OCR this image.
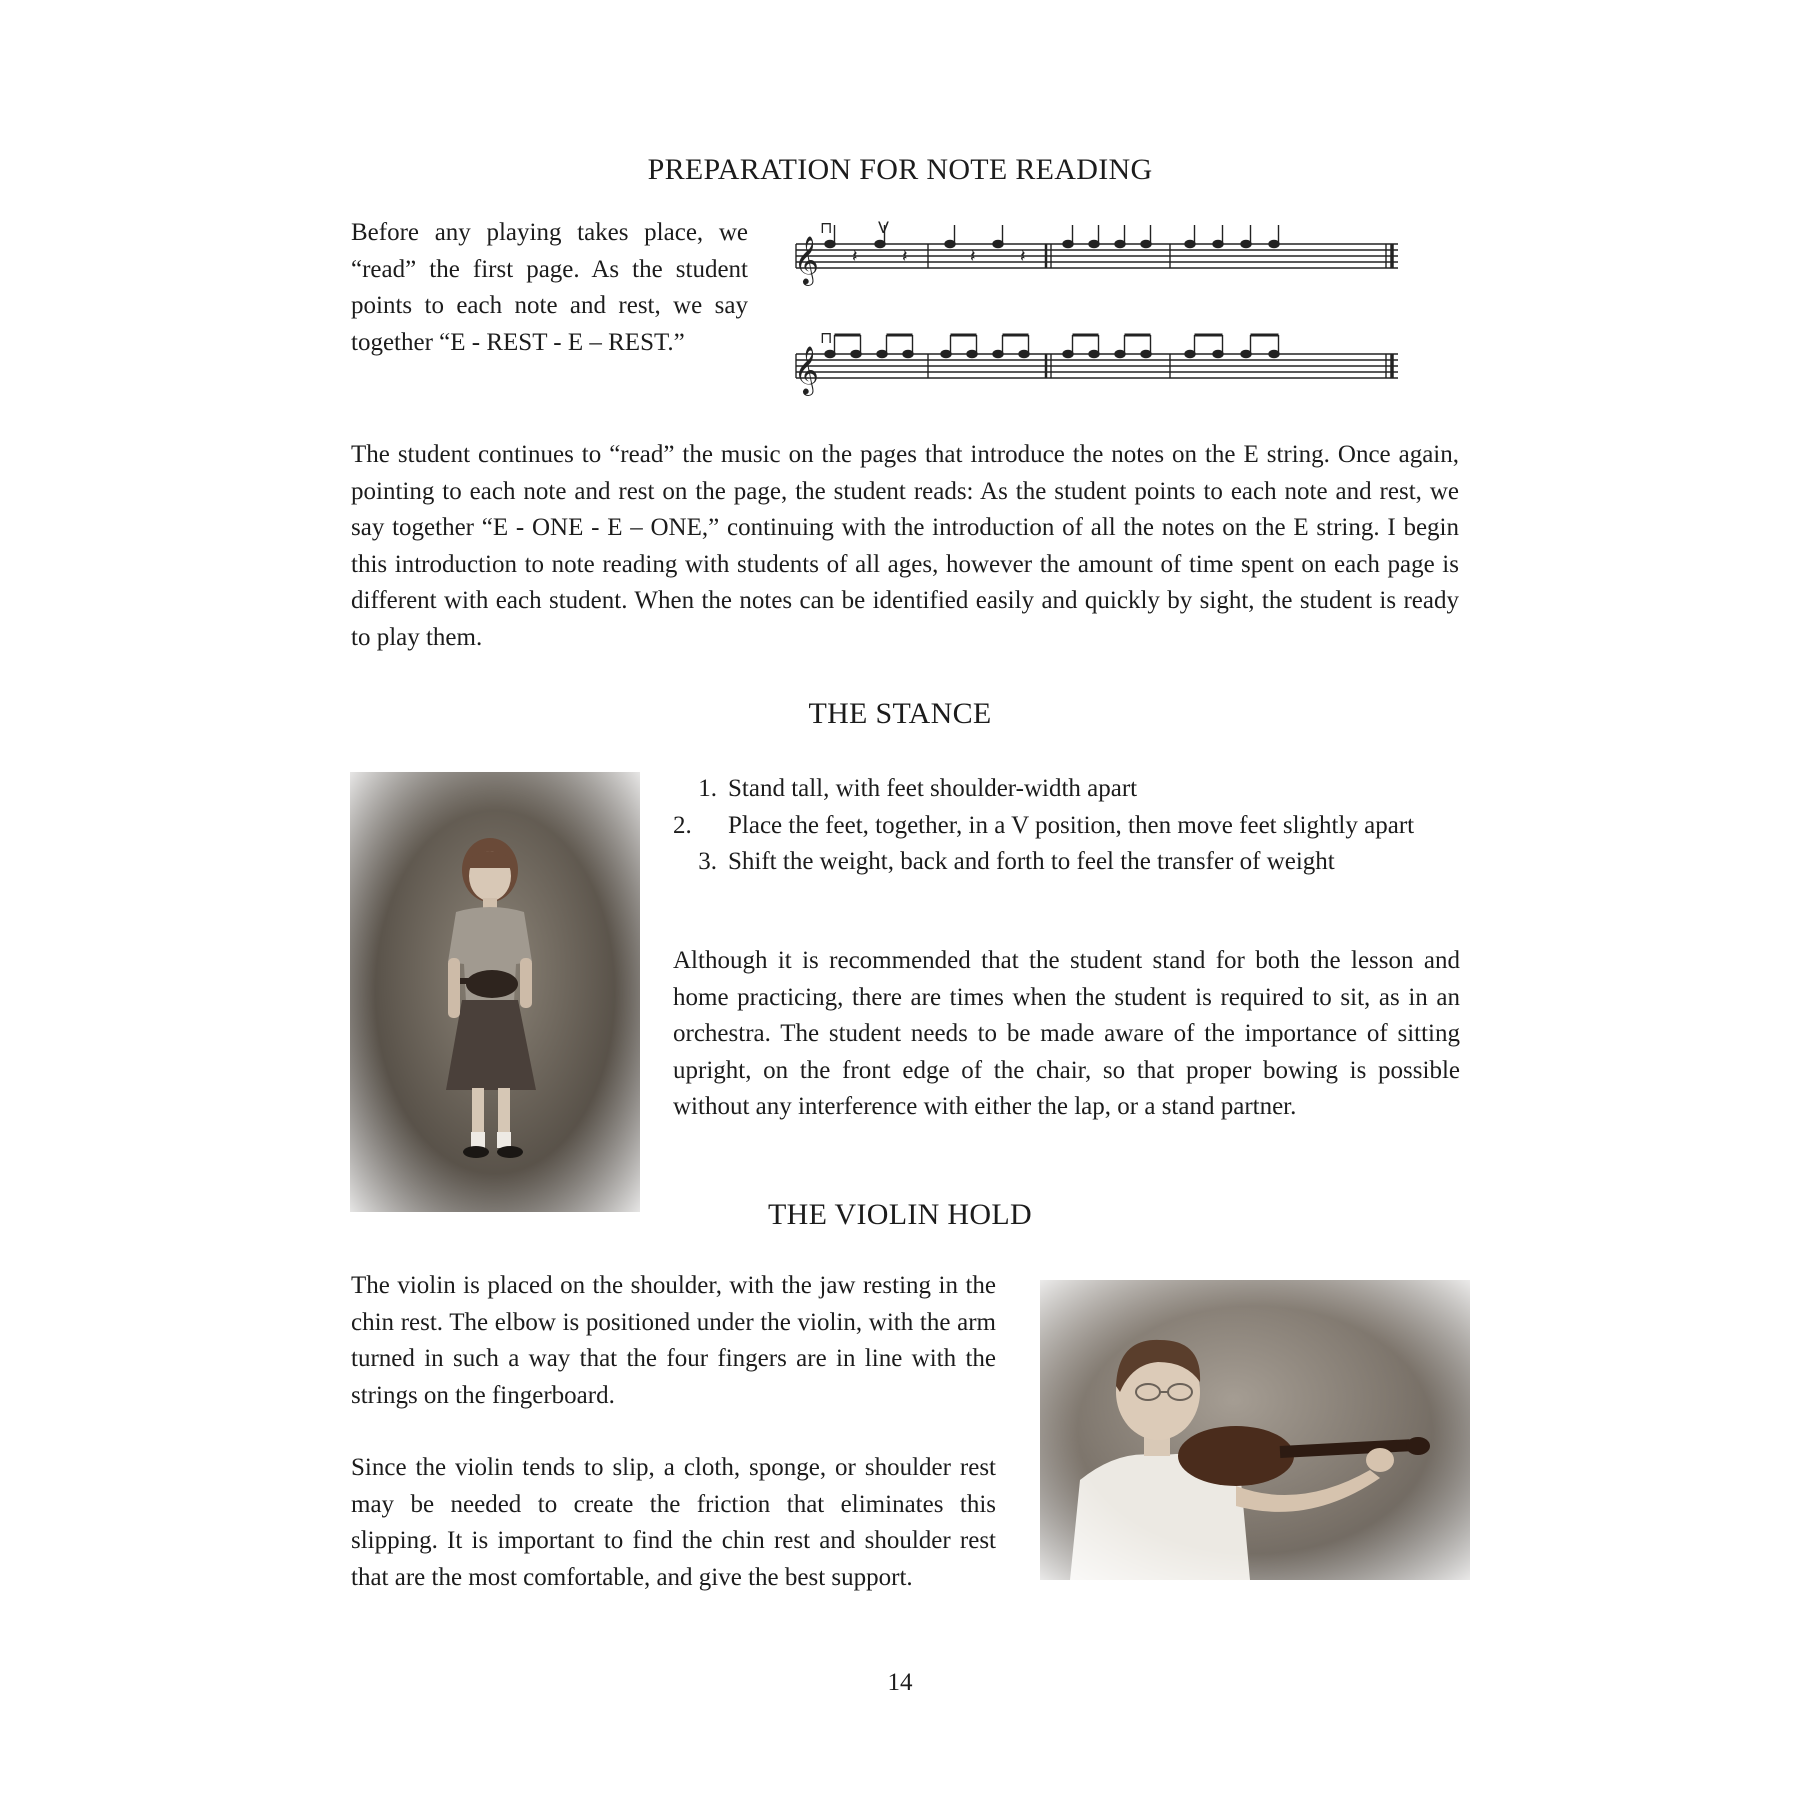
PREPARATION FOR NOTE READING

Before any playing takes place, we “read” the first page. As the student points to each note and rest, we say together “E - REST - E – REST.”

𝄞
⊓	V
𝄽 𝄽	𝄽 𝄽
𝄞
⊓

The student continues to “read” the music on the pages that introduce the notes on the E string. Once again, pointing to each note and rest on the page, the student reads: As the student points to each note and rest, we say together “E - ONE - E – ONE,” continuing with the introduction of all the notes on the E string. I begin this introduction to note reading with students of all ages, however the amount of time spent on each page is different with each student. When the notes can be identified easily and quickly by sight, the student is ready to play them.

THE STANCE
1. Stand tall, with feet shoulder-width apart
2. Place the feet, together, in a V position, then move feet slightly apart
3. Shift the weight, back and forth to feel the transfer of weight

Although it is recommended that the student stand for both the lesson and home practicing, there are times when the student is required to sit, as in an orchestra. The student needs to be made aware of the importance of sitting upright, on the front edge of the chair, so that proper bowing is possible without any interference with either the lap, or a stand partner.

THE VIOLIN HOLD

The violin is placed on the shoulder, with the jaw resting in the chin rest. The elbow is positioned under the violin, with the arm turned in such a way that the four fingers are in line with the strings on the fingerboard.

Since the violin tends to slip, a cloth, sponge, or shoulder rest may be needed to create the friction that eliminates this slipping. It is important to find the chin rest and shoulder rest that are the most comfortable, and give the best support.

14
